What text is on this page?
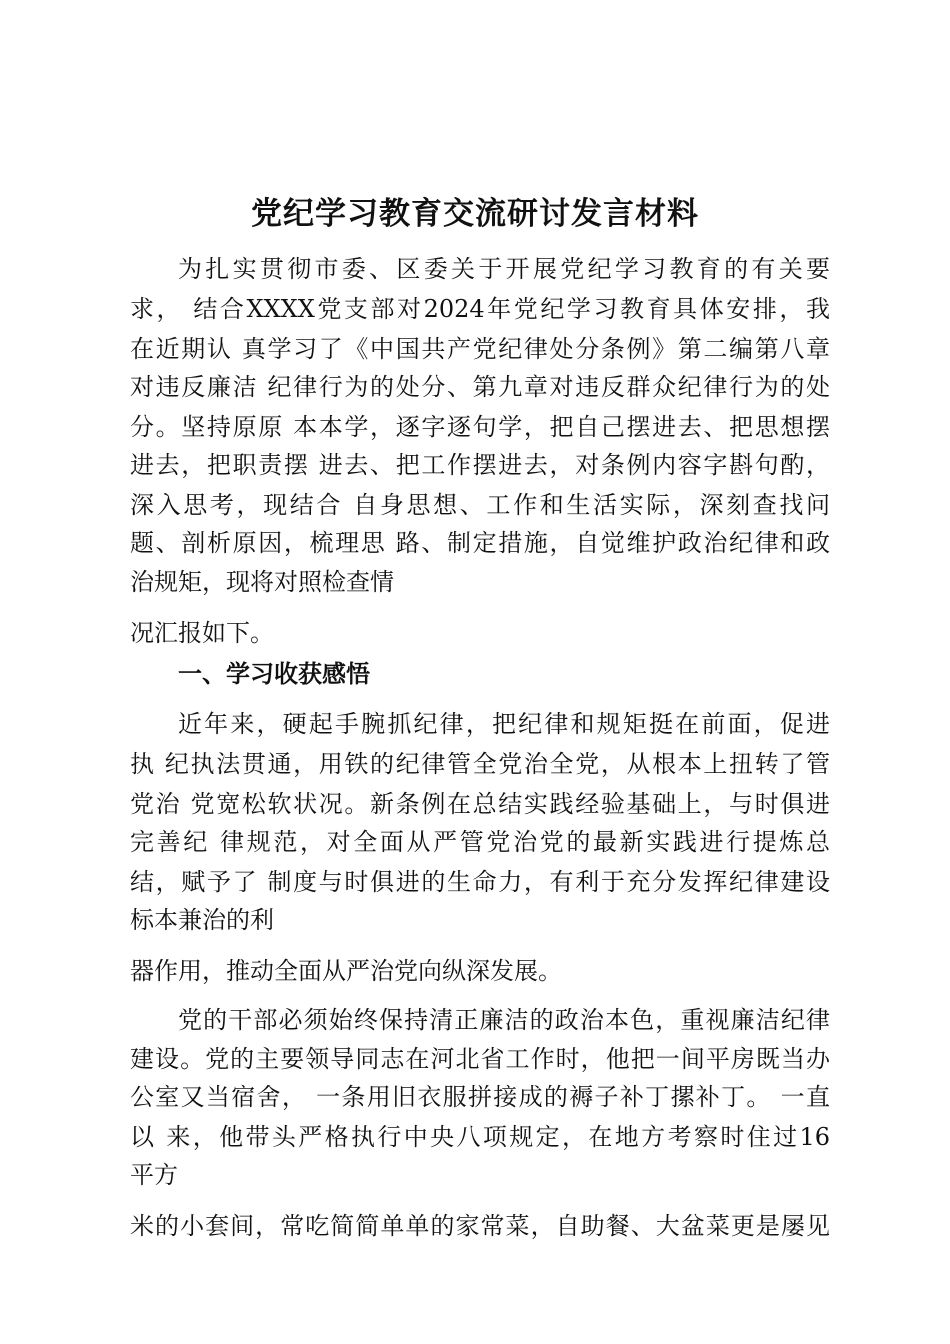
党纪学习教育交流研讨发言材料

为扎实贯彻市委、区委关于开展党纪学习教育的有关要

求， 结合XXXX党支部对2024年党纪学习教育具体安排，我

在近期认 真学习了《中国共产党纪律处分条例》第二编第八章

对违反廉洁 纪律行为的处分、第九章对违反群众纪律行为的处

分。坚持原原 本本学，逐字逐句学，把自己摆进去、把思想摆

进去，把职责摆 进去、把工作摆进去，对条例内容字斟句酌，

深入思考，现结合 自身思想、工作和生活实际，深刻查找问

题、剖析原因，梳理思 路、制定措施，自觉维护政治纪律和政

治规矩，现将对照检查情

况汇报如下。

一、学习收获感悟

近年来，硬起手腕抓纪律，把纪律和规矩挺在前面，促进

执 纪执法贯通，用铁的纪律管全党治全党，从根本上扭转了管

党治 党宽松软状况。新条例在总结实践经验基础上，与时俱进

完善纪 律规范，对全面从严管党治党的最新实践进行提炼总

结，赋予了 制度与时俱进的生命力，有利于充分发挥纪律建设

标本兼治的利

器作用，推动全面从严治党向纵深发展。

党的干部必须始终保持清正廉洁的政治本色，重视廉洁纪律

建设。党的主要领导同志在河北省工作时，他把一间平房既当办

公室又当宿舍， 一条用旧衣服拼接成的褥子补丁摞补丁。 一直

以 来，他带头严格执行中央八项规定，在地方考察时住过16

平方

米的小套间，常吃简简单单的家常菜，自助餐、大盆菜更是屡见
